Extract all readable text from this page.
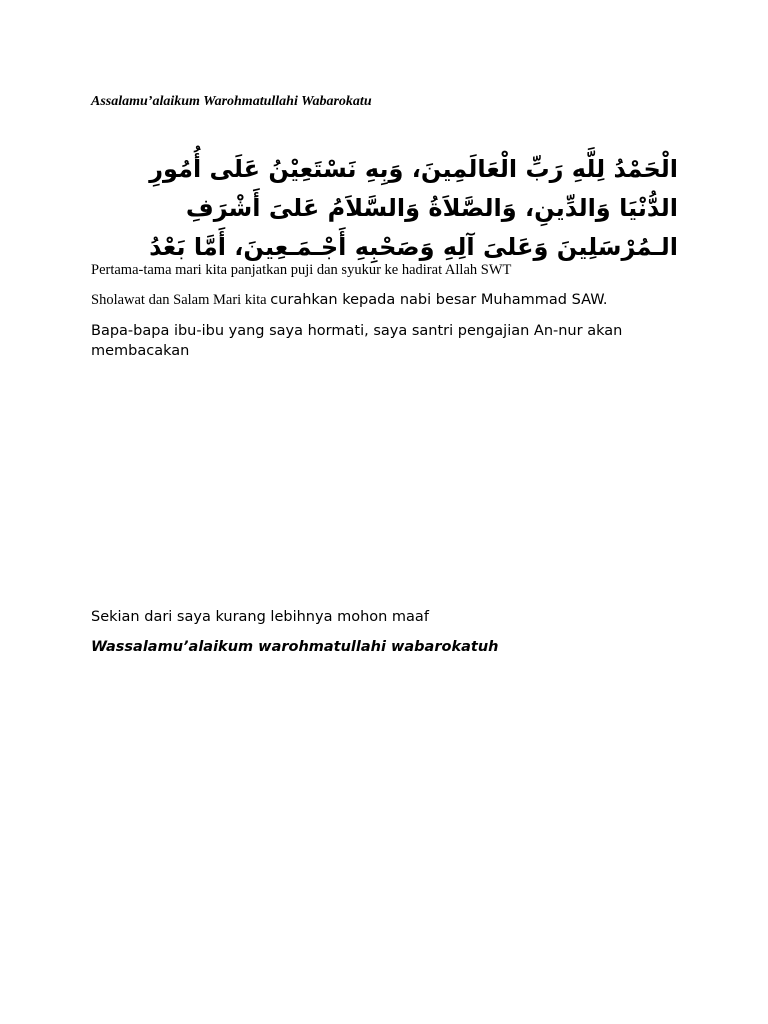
Assalamu’alaikum Warohmatullahi Wabarokatu
الْحَمْدُ لِلَّهِ رَبِّ الْعَالَمِينَ، وَبِهِ نَسْتَعِيْنُ عَلَى أُمُورِ
الدُّنْيَا وَالدِّينِ، وَالصَّلاَةُ وَالسَّلاَمُ عَلىَ أَشْرَفِ
الـمُرْسَلِينَ وَعَلىَ آلِهِ وَصَحْبِهِ أَجْـمَـعِينَ، أَمَّا بَعْدُ
Pertama-tama mari kita panjatkan puji dan syukur ke hadirat Allah SWT
Sholawat dan Salam Mari kita curahkan kepada nabi besar Muhammad SAW.
Bapa-bapa ibu-ibu yang saya hormati, saya santri pengajian An-nur akan membacakan
Sekian dari saya kurang lebihnya mohon maaf
Wassalamu’alaikum warohmatullahi wabarokatuh
